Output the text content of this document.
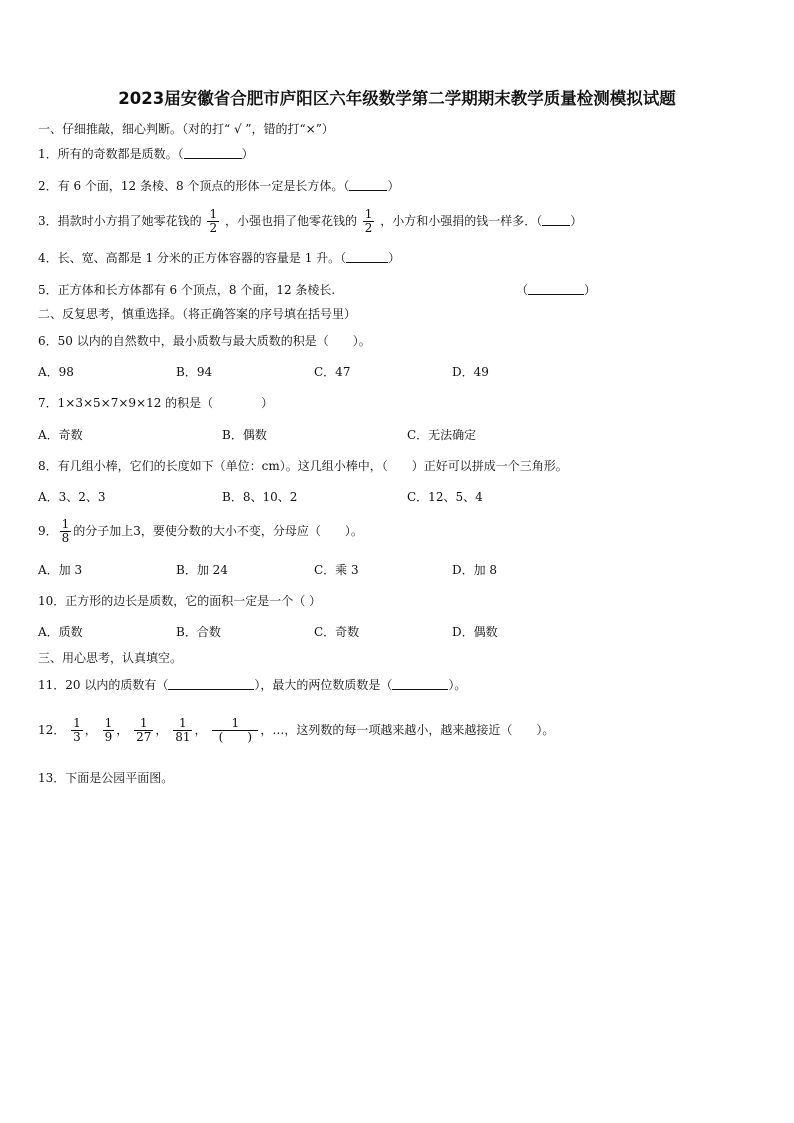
2023届安徽省合肥市庐阳区六年级数学第二学期期末教学质量检测模拟试题
一、仔细推敲，细心判断。（对的打“ √ ”，错的打“×”）
1．所有的奇数都是质数。（	）
2．有 6 个面，12 条棱、8 个顶点的形体一定是长方体。（	）
3．捐款时小方捐了她零花钱的 $\frac{1}{2}$ ，小强也捐了他零花钱的 $\frac{1}{2}$ ，小方和小强捐的钱一样多．（ ）
4．长、宽、高都是 1 分米的正方体容器的容量是 1 升。（	）
5．正方体和长方体都有 6 个顶点，8 个面，12 条棱长.	（	）
二、反复思考，慎重选择。（将正确答案的序号填在括号里）
6．50 以内的自然数中，最小质数与最大质数的积是（　　）。
A．98	B．94	C．47	D．49
7．1×3×5×7×9×12 的积是（　　　　）
A．奇数	B．偶数	C．无法确定
8．有几组小棒，它们的长度如下（单位：cm）。这几组小棒中，（　　）正好可以拼成一个三角形。
A．3、2、3	B．8、10、2	C．12、5、4
9． $\frac{1}{8}$ 的分子加上3，要使分数的大小不变，分母应（　　）。
A．加 3	B．加 24	C．乘 3	D．加 8
10．正方形的边长是质数，它的面积一定是一个（ ）
A．质数	B．合数	C．奇数	D．偶数
三、用心思考，认真填空。
11．20 以内的质数有（	），最大的两位数质数是（	）。
12． $\frac{1}{3}$ ， $\frac{1}{9}$ ， $\frac{1}{27}$ ， $\frac{1}{81}$ ， $\frac{1}{( )}$ ，…，这列数的每一项越来越小，越来越接近（　　）。
13．下面是公园平面图。
